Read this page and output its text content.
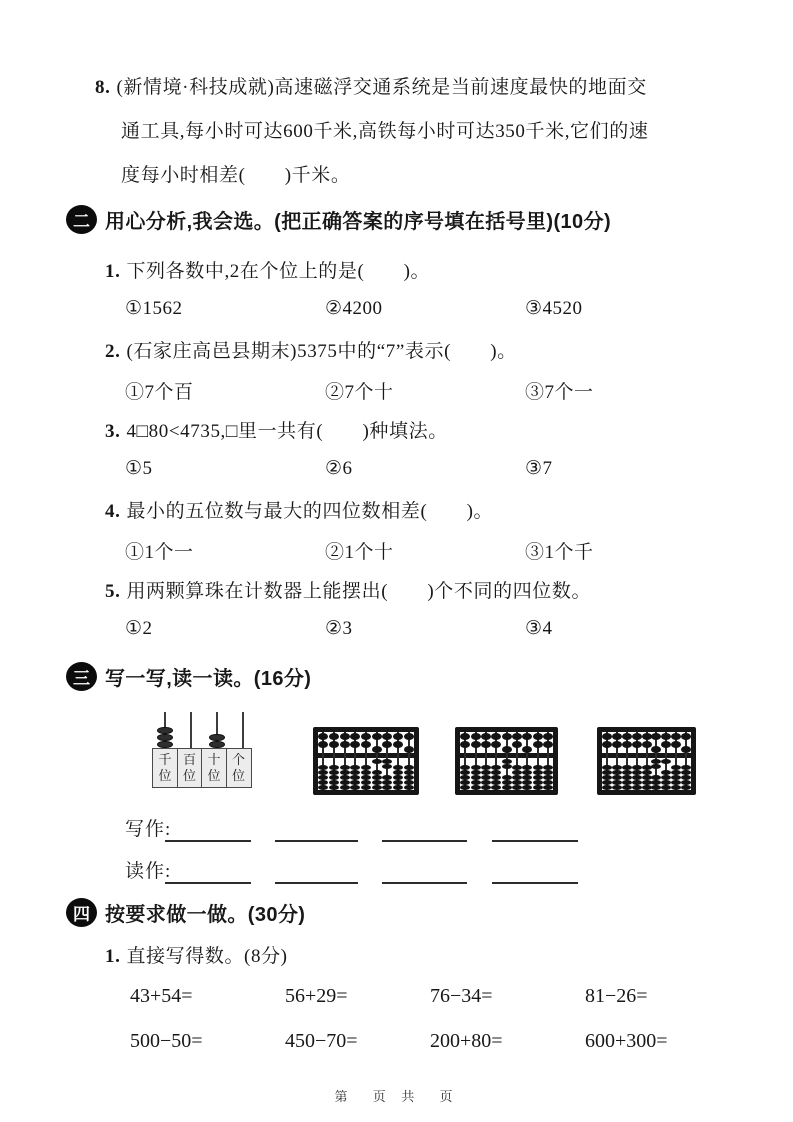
8. (新情境·科技成就)高速磁浮交通系统是当前速度最快的地面交
通工具,每小时可达600千米,高铁每小时可达350千米,它们的速
度每小时相差(　　)千米。
二 用心分析,我会选。(把正确答案的序号填在括号里)(10分)
1. 下列各数中,2在个位上的是(　　)。
①1562	②4200	③4520
2. (石家庄高邑县期末)5375中的“7”表示(　　)。
①7个百	②7个十	③7个一
3. 4□80<4735,□里一共有(　　)种填法。
①5	②6	③7
4. 最小的五位数与最大的四位数相差(　　)。
①1个一	②1个十	③1个千
5. 用两颗算珠在计数器上能摆出(　　)个不同的四位数。
①2	②3	③4
三 写一写,读一读。(16分)
千位
百位
十位
个位
写作:
读作:
四 按要求做一做。(30分)
1. 直接写得数。(8分)
43+54=	56+29=	76−34=	81−26=
500−50=	450−70=	200+80=	600+300=
第  页 共  页
